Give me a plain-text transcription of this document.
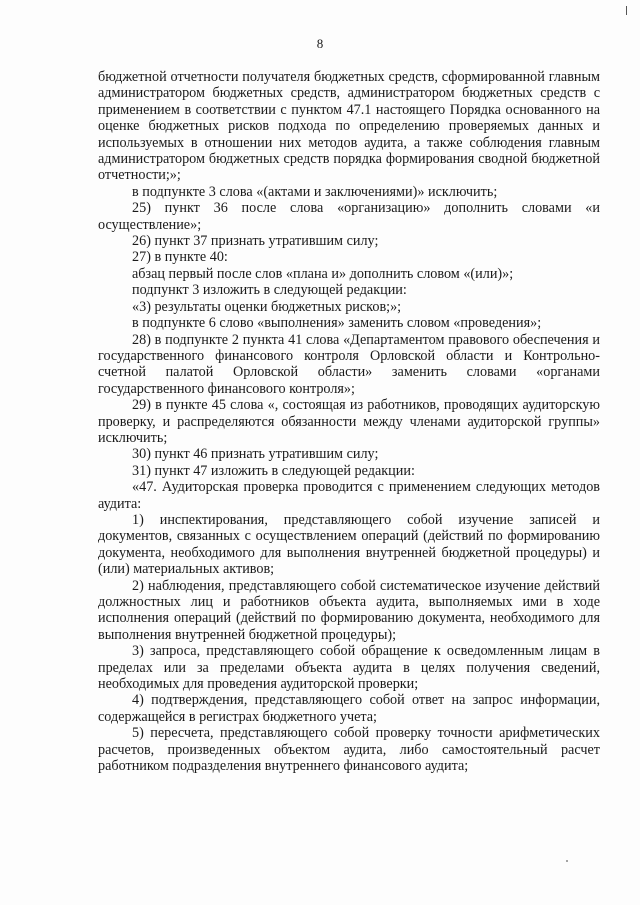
8

бюджетной отчетности получателя бюджетных средств, сформированной главным администратором бюджетных средств, администратором бюджетных средств с применением в соответствии с пунктом 47.1 настоящего Порядка основанного на оценке бюджетных рисков подхода по определению проверяемых данных и используемых в отношении них методов аудита, а также соблюдения главным администратором бюджетных средств порядка формирования сводной бюджетной отчетности;»;

в подпункте 3 слова «(актами и заключениями)» исключить;

25) пункт 36 после слова «организацию» дополнить словами «и осуществление»;

26) пункт 37 признать утратившим силу;

27) в пункте 40:

абзац первый после слов «плана и» дополнить словом «(или)»;

подпункт 3 изложить в следующей редакции:

«3) результаты оценки бюджетных рисков;»;

в подпункте 6 слово «выполнения» заменить словом «проведения»;

28) в подпункте 2 пункта 41 слова «Департаментом правового обеспечения и государственного финансового контроля Орловской области и Контрольно-счетной палатой Орловской области» заменить словами «органами государственного финансового контроля»;

29) в пункте 45 слова «, состоящая из работников, проводящих аудиторскую проверку, и распределяются обязанности между членами аудиторской группы» исключить;

30) пункт 46 признать утратившим силу;

31) пункт 47 изложить в следующей редакции:

«47. Аудиторская проверка проводится с применением следующих методов аудита:

1) инспектирования, представляющего собой изучение записей и документов, связанных с осуществлением операций (действий по формированию документа, необходимого для выполнения внутренней бюджетной процедуры) и (или) материальных активов;

2) наблюдения, представляющего собой систематическое изучение действий должностных лиц и работников объекта аудита, выполняемых ими в ходе исполнения операций (действий по формированию документа, необходимого для выполнения внутренней бюджетной процедуры);

3) запроса, представляющего собой обращение к осведомленным лицам в пределах или за пределами объекта аудита в целях получения сведений, необходимых для проведения аудиторской проверки;

4) подтверждения, представляющего собой ответ на запрос информации, содержащейся в регистрах бюджетного учета;

5) пересчета, представляющего собой проверку точности арифметических расчетов, произведенных объектом аудита, либо самостоятельный расчет работником подразделения внутреннего финансового аудита;
